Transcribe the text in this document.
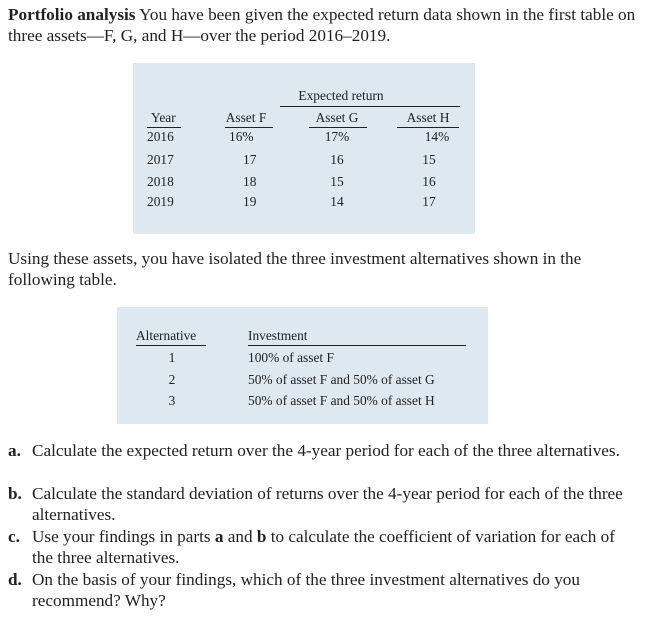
Portfolio analysis You have been given the expected return data shown in the first table on three assets—F, G, and H—over the period 2016–2019.
Expected return
Year	Asset F	Asset G	Asset H
2016	16%	17%	14%
2017	17	16	15
2018	18	15	16
2019	19	14	17
Using these assets, you have isolated the three investment alternatives shown in the following table.
Alternative	Investment
1	100% of asset F
2	50% of asset F and 50% of asset G
3	50% of asset F and 50% of asset H
a. Calculate the expected return over the 4-year period for each of the three alternatives.
b. Calculate the standard deviation of returns over the 4-year period for each of the three alternatives.
c. Use your findings in parts a and b to calculate the coefficient of variation for each of the three alternatives.
d. On the basis of your findings, which of the three investment alternatives do you recommend? Why?
